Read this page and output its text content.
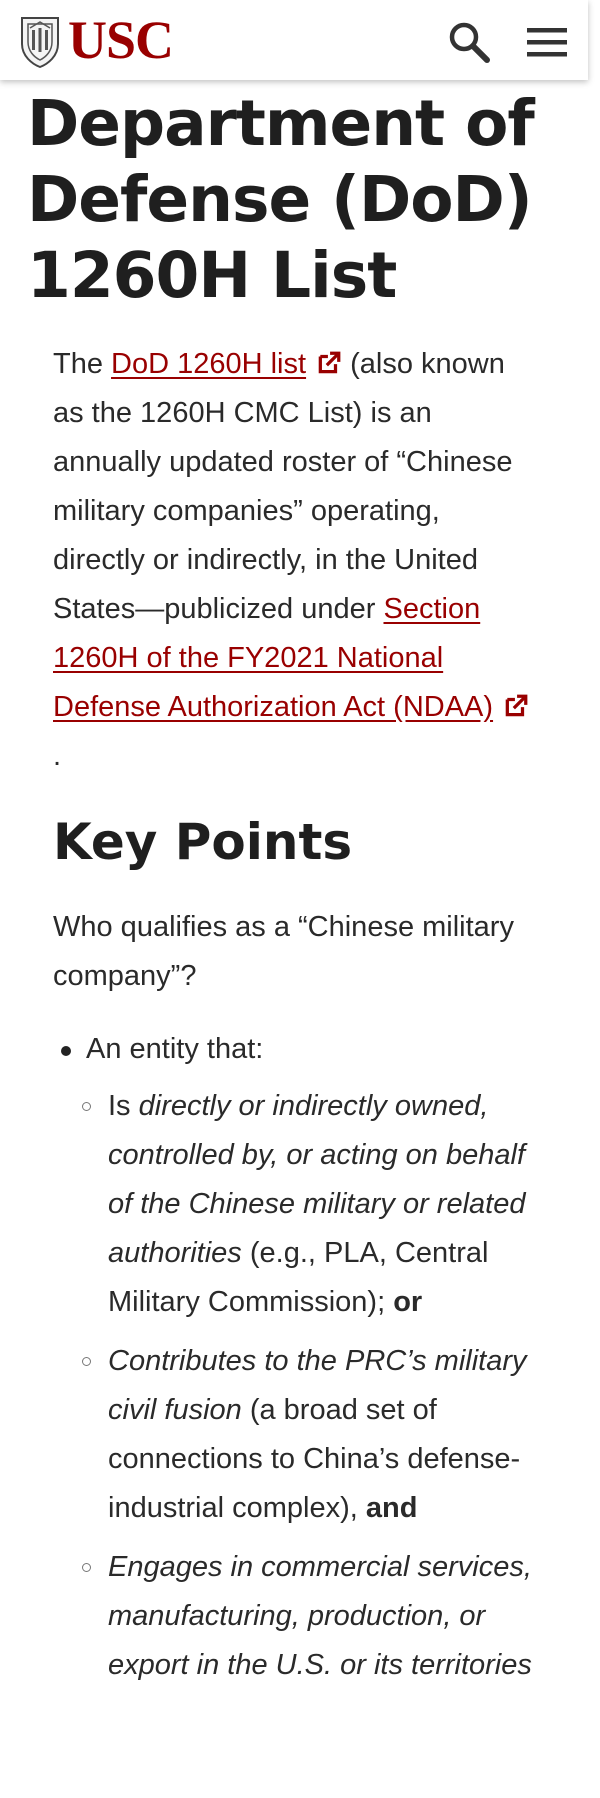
USC
Department of Defense (DoD) 1260H List

The DoD 1260H list (also known as the 1260H CMC List) is an annually updated roster of “Chinese military companies” operating, directly or indirectly, in the United States—publicized under Section 1260H of the FY2021 National Defense Authorization Act (NDAA).

Key Points

Who qualifies as a “Chinese military company”?

An entity that:
Is directly or indirectly owned, controlled by, or acting on behalf of the Chinese military or related authorities (e.g., PLA, Central Military Commission); or
Contributes to the PRC’s military civil fusion (a broad set of connections to China’s defense-industrial complex), and
Engages in commercial services, manufacturing, production, or export in the U.S. or its territories
